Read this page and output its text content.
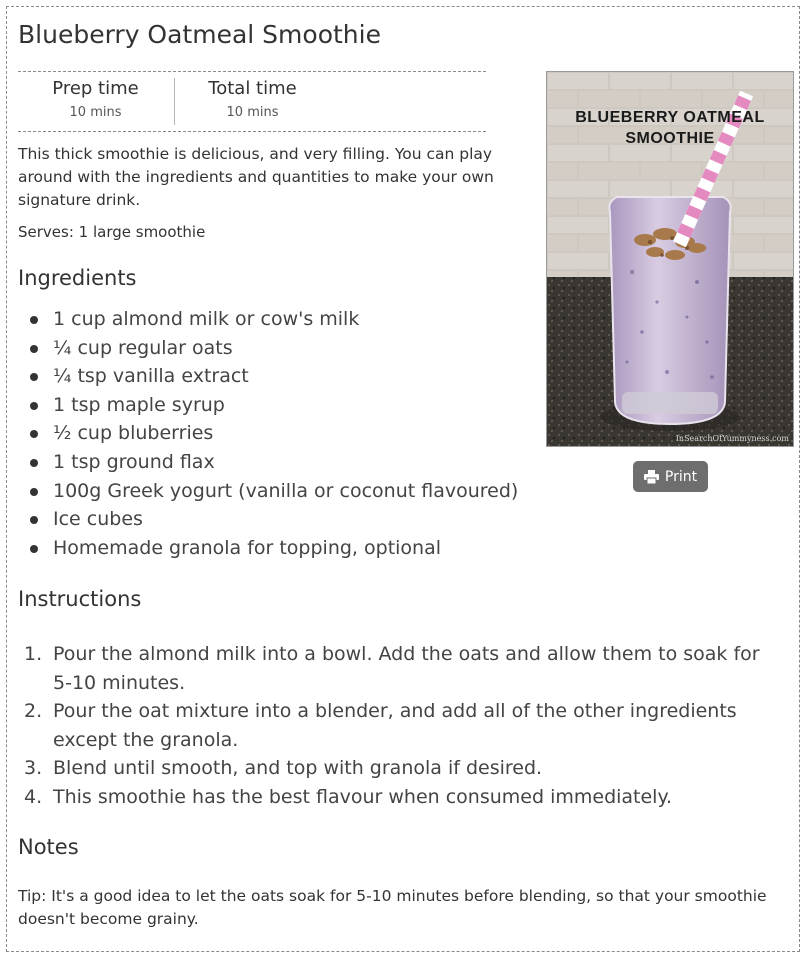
Blueberry Oatmeal Smoothie
Prep time
10 mins
Total time
10 mins

This thick smoothie is delicious, and very filling. You can play around with the ingredients and quantities to make your own signature drink.

Serves: 1 large smoothie

Ingredients
1 cup almond milk or cow's milk
¼ cup regular oats
¼ tsp vanilla extract
1 tsp maple syrup
½ cup bluberries
1 tsp ground flax
100g Greek yogurt (vanilla or coconut flavoured)
Ice cubes
Homemade granola for topping, optional
Instructions
1. Pour the almond milk into a bowl. Add the oats and allow them to soak for 5-10 minutes.
2. Pour the oat mixture into a blender, and add all of the other ingredients except the granola.
3. Blend until smooth, and top with granola if desired.
4. This smoothie has the best flavour when consumed immediately.
Notes

Tip: It's a good idea to let the oats soak for 5-10 minutes before blending, so that your smoothie doesn't become grainy.

BLUEBERRY OATMEAL
SMOOTHIE
InSearchOfYummyness.com
Print
